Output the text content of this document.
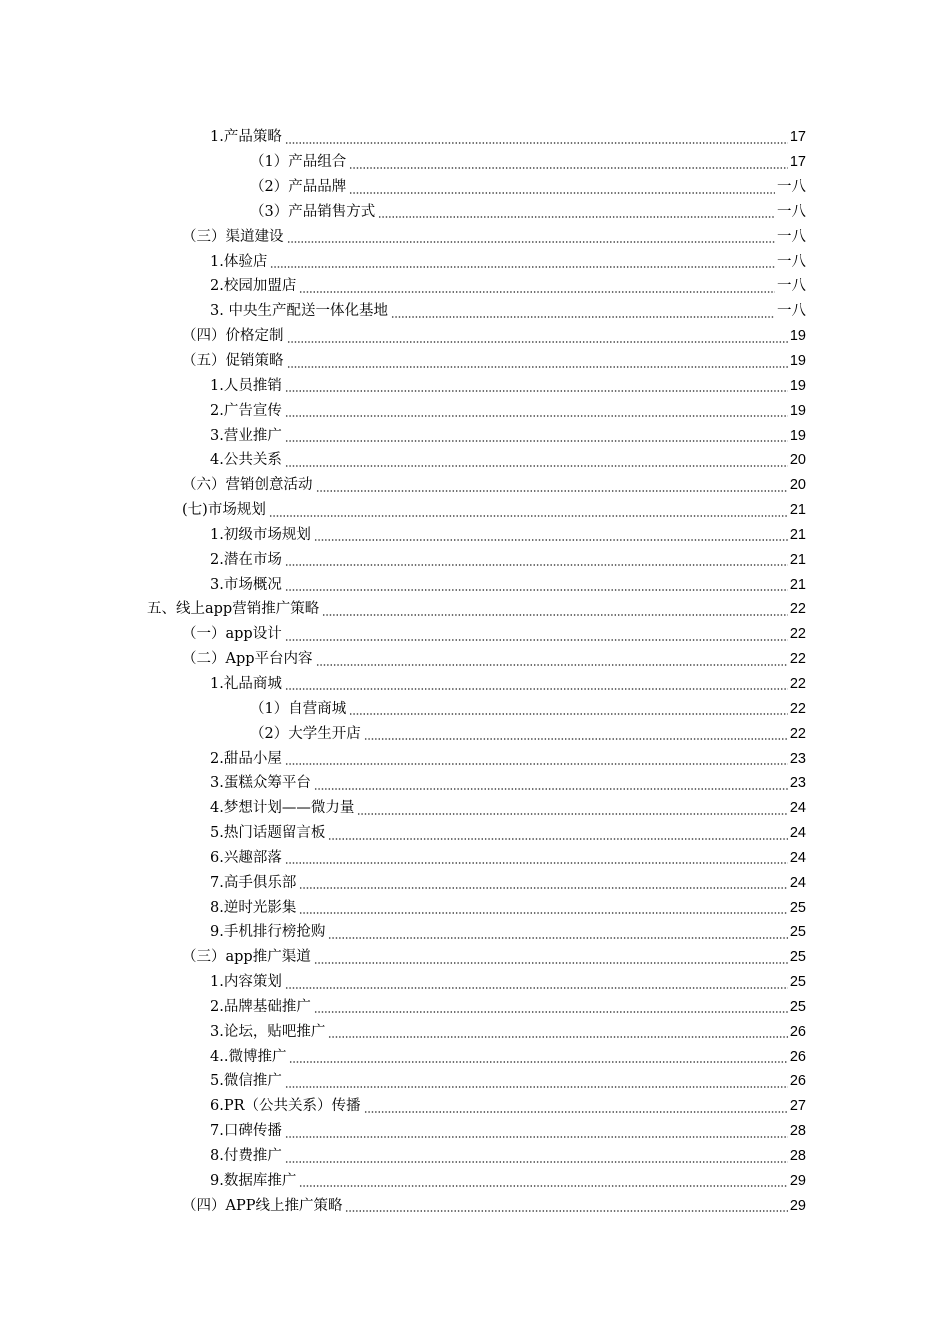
1.产品策略	17
（1）产品组合	17
（2）产品品牌	一八
（3）产品销售方式	一八
（三）渠道建设	一八
1.体验店	一八
2.校园加盟店	一八
3. 中央生产配送一体化基地	一八
（四）价格定制	19
（五）促销策略	19
1.人员推销	19
2.广告宣传	19
3.营业推广	19
4.公共关系	20
（六）营销创意活动	20
(七)市场规划	21
1.初级市场规划	21
2.潜在市场	21
3.市场概况	21
五、线上app营销推广策略	22
（一）app设计	22
（二）App平台内容	22
1.礼品商城	22
（1）自营商城	22
（2）大学生开店	22
2.甜品小屋	23
3.蛋糕众筹平台	23
4.梦想计划——微力量	24
5.热门话题留言板	24
6.兴趣部落	24
7.高手俱乐部	24
8.逆时光影集	25
9.手机排行榜抢购	25
（三）app推广渠道	25
1.内容策划	25
2.品牌基础推广	25
3.论坛，贴吧推广	26
4..微博推广	26
5.微信推广	26
6.PR（公共关系）传播	27
7.口碑传播	28
8.付费推广	28
9.数据库推广	29
（四）APP线上推广策略	29
